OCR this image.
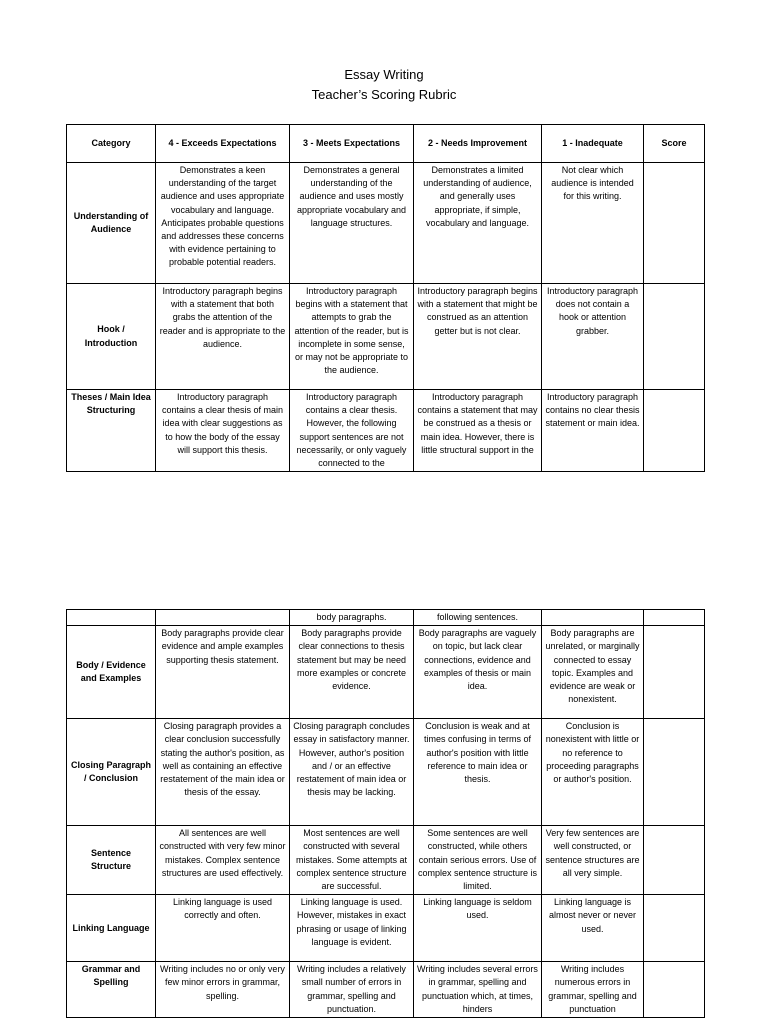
Essay Writing
Teacher’s Scoring Rubric
Category	4 - Exceeds Expectations	3 - Meets Expectations	2 - Needs Improvement	1 - Inadequate	Score
Understanding of Audience	Demonstrates a keen understanding of the target audience and uses appropriate vocabulary and language. Anticipates probable questions and addresses these concerns with evidence pertaining to probable potential readers.	Demonstrates a general understanding of the audience and uses mostly appropriate vocabulary and language structures.	Demonstrates a limited understanding of audience, and generally uses appropriate, if simple, vocabulary and language.	Not clear which audience is intended for this writing.	
Hook / Introduction	Introductory paragraph begins with a statement that both grabs the attention of the reader and is appropriate to the audience.	Introductory paragraph begins with a statement that attempts to grab the attention of the reader, but is incomplete in some sense, or may not be appropriate to the audience.	Introductory paragraph begins with a statement that might be construed as an attention getter but is not clear.	Introductory paragraph does not contain a hook or attention grabber.	
Theses / Main Idea Structuring	Introductory paragraph contains a clear thesis of main idea with clear suggestions as to how the body of the essay will support this thesis.	Introductory paragraph contains a clear thesis. However, the following support sentences are not necessarily, or only vaguely connected to the	Introductory paragraph contains a statement that may be construed as a thesis or main idea. However, there is little structural support in the	Introductory paragraph contains no clear thesis statement or main idea.	

		body paragraphs.	following sentences.		
Body / Evidence and Examples	Body paragraphs provide clear evidence and ample examples supporting thesis statement.	Body paragraphs provide clear connections to thesis statement but may be need more examples or concrete evidence.	Body paragraphs are vaguely on topic, but lack clear connections, evidence and examples of thesis or main idea.	Body paragraphs are unrelated, or marginally connected to essay topic. Examples and evidence are weak or nonexistent.	
Closing Paragraph / Conclusion	Closing paragraph provides a clear conclusion successfully stating the author's position, as well as containing an effective restatement of the main idea or thesis of the essay.	Closing paragraph concludes essay in satisfactory manner. However, author's position and / or an effective restatement of main idea or thesis may be lacking.	Conclusion is weak and at times confusing in terms of author's position with little reference to main idea or thesis.	Conclusion is nonexistent with little or no reference to proceeding paragraphs or author's position.	
Sentence Structure	All sentences are well constructed with very few minor mistakes. Complex sentence structures are used effectively.	Most sentences are well constructed with several mistakes. Some attempts at complex sentence structure are successful.	Some sentences are well constructed, while others contain serious errors. Use of complex sentence structure is limited.	Very few sentences are well constructed, or sentence structures are all very simple.	
Linking Language	Linking language is used correctly and often.	Linking language is used. However, mistakes in exact phrasing or usage of linking language is evident.	Linking language is seldom used.	Linking language is almost never or never used.	
Grammar and Spelling	Writing includes no or only very few minor errors in grammar, spelling.	Writing includes a relatively small number of errors in grammar, spelling and punctuation.	Writing includes several errors in grammar, spelling and punctuation which, at times, hinders	Writing includes numerous errors in grammar, spelling and punctuation	
